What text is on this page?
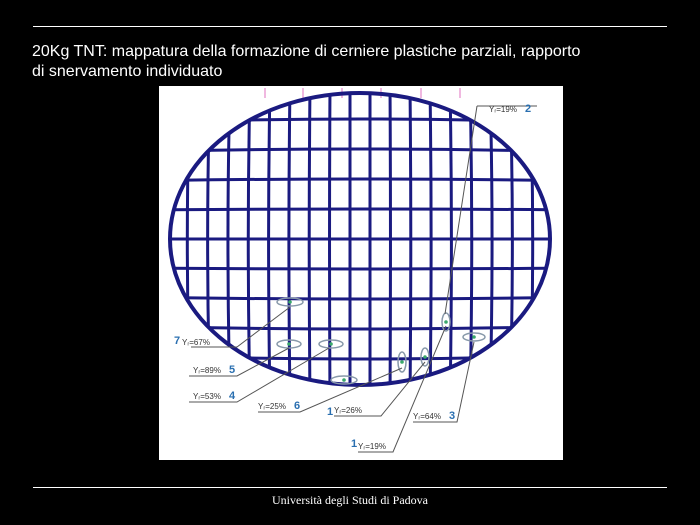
20Kg TNT: mappatura della formazione di cerniere plastiche parziali, rapporto
di snervamento individuato
Yᵣ=19% 2
7 Yᵣ=67%
Yᵣ=89% 5
Yᵣ=53% 4
Yᵣ=25% 6 1 Yᵣ=26%
Yᵣ=64% 3
1 Yᵣ=19%
Università degli Studi di Padova
